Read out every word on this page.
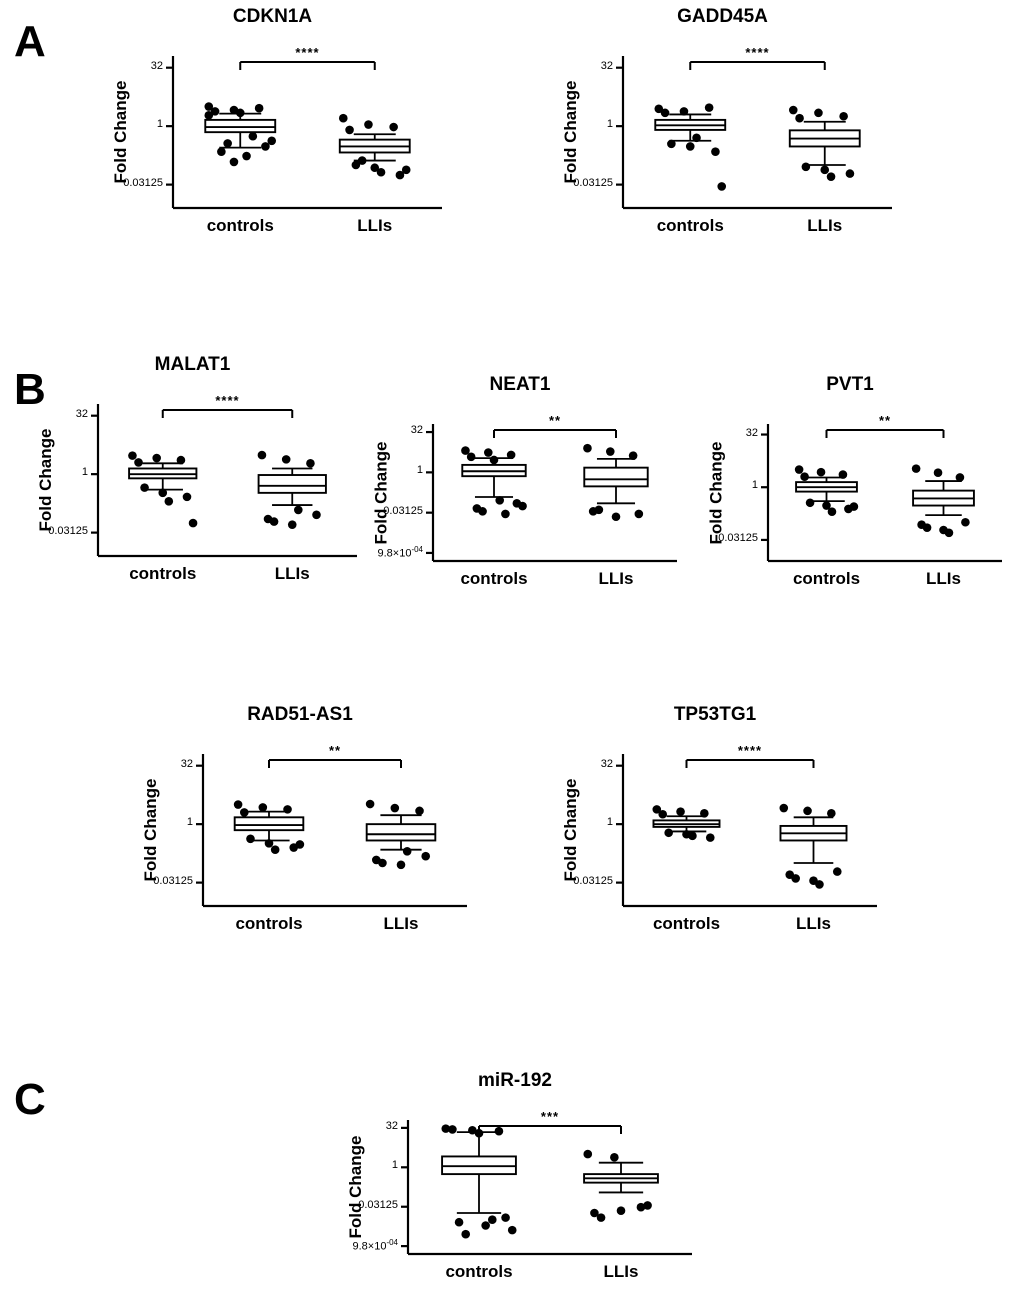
A
B
C
CDKN1A
Fold Change
32
1
0.03125
controls	LLIs
****
GADD45A
Fold Change
32
1
0.03125
controls	LLIs
****
MALAT1
Fold Change
32
1
0.03125
controls	LLIs
****
NEAT1
Fold Change
32
1
0.03125
$9.8\times 10^{-04}$
controls	LLIs
**
PVT1
Fold Change
32
1
0.03125
controls	LLIs
**
RAD51-AS1
Fold Change
32
1
0.03125
controls	LLIs
**
TP53TG1
Fold Change
32
1
0.03125
controls	LLIs
****
miR-192
Fold Change
32
1
0.03125
$9.8\times 10^{-04}$
controls	LLIs
***
